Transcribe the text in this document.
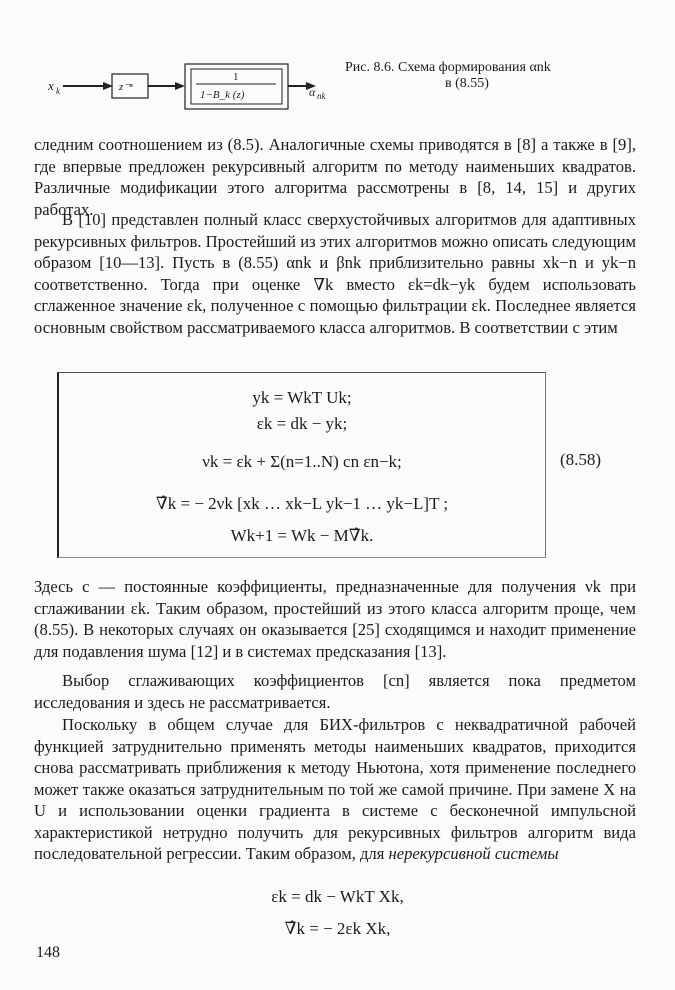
x k	z⁻ⁿ
1
1−B_k (z)	α nk
Рис. 8.6. Схема формирования αnk
в (8.55)

следним соотношением из (8.5). Аналогичные схемы приводятся в [8] а также в [9], где впервые предложен рекурсивный алгоритм по методу наименьших квадратов. Различные модификации этого алгоритма рассмотрены в [8, 14, 15] и других работах.

В [10] представлен полный класс сверхустойчивых алгоритмов для адаптивных рекурсивных фильтров. Простейший из этих алгоритмов можно описать следующим образом [10—13]. Пусть в (8.55) αnk и βnk приблизительно равны xk−n и yk−n соответственно. Тогда при оценке ∇k вместо εk=dk−yk будем использовать сглаженное значение εk, полученное с помощью фильтрации εk. Последнее является основным свойством рассматриваемого класса алгоритмов. В соответствии с этим

yk = WkT Uk;
εk = dk − yk;
νk = εk + Σ(n=1..N) cn εn−k;
∇̂k = − 2νk [xk … xk−L yk−1 … yk−L]T ;
Wk+1 = Wk − M∇̂k.
(8.58)

Здесь c — постоянные коэффициенты, предназначенные для получения νk при сглаживании εk. Таким образом, простейший из этого класса алгоритм проще, чем (8.55). В некоторых случаях он оказывается [25] сходящимся и находит применение для подавления шума [12] и в системах предсказания [13].

Выбор сглаживающих коэффициентов [cn] является пока предметом исследования и здесь не рассматривается.

Поскольку в общем случае для БИХ-фильтров с неквадратичной рабочей функцией затруднительно применять методы наименьших квадратов, приходится снова рассматривать приближения к методу Ньютона, хотя применение последнего может также оказаться затруднительным по той же самой причине. При замене X на U и использовании оценки градиента в системе с бесконечной импульсной характеристикой нетрудно получить для рекурсивных фильтров алгоритм вида последовательной регрессии. Таким образом, для нерекурсивной системы

εk = dk − WkT Xk,
∇̂k = − 2εk Xk,
148
